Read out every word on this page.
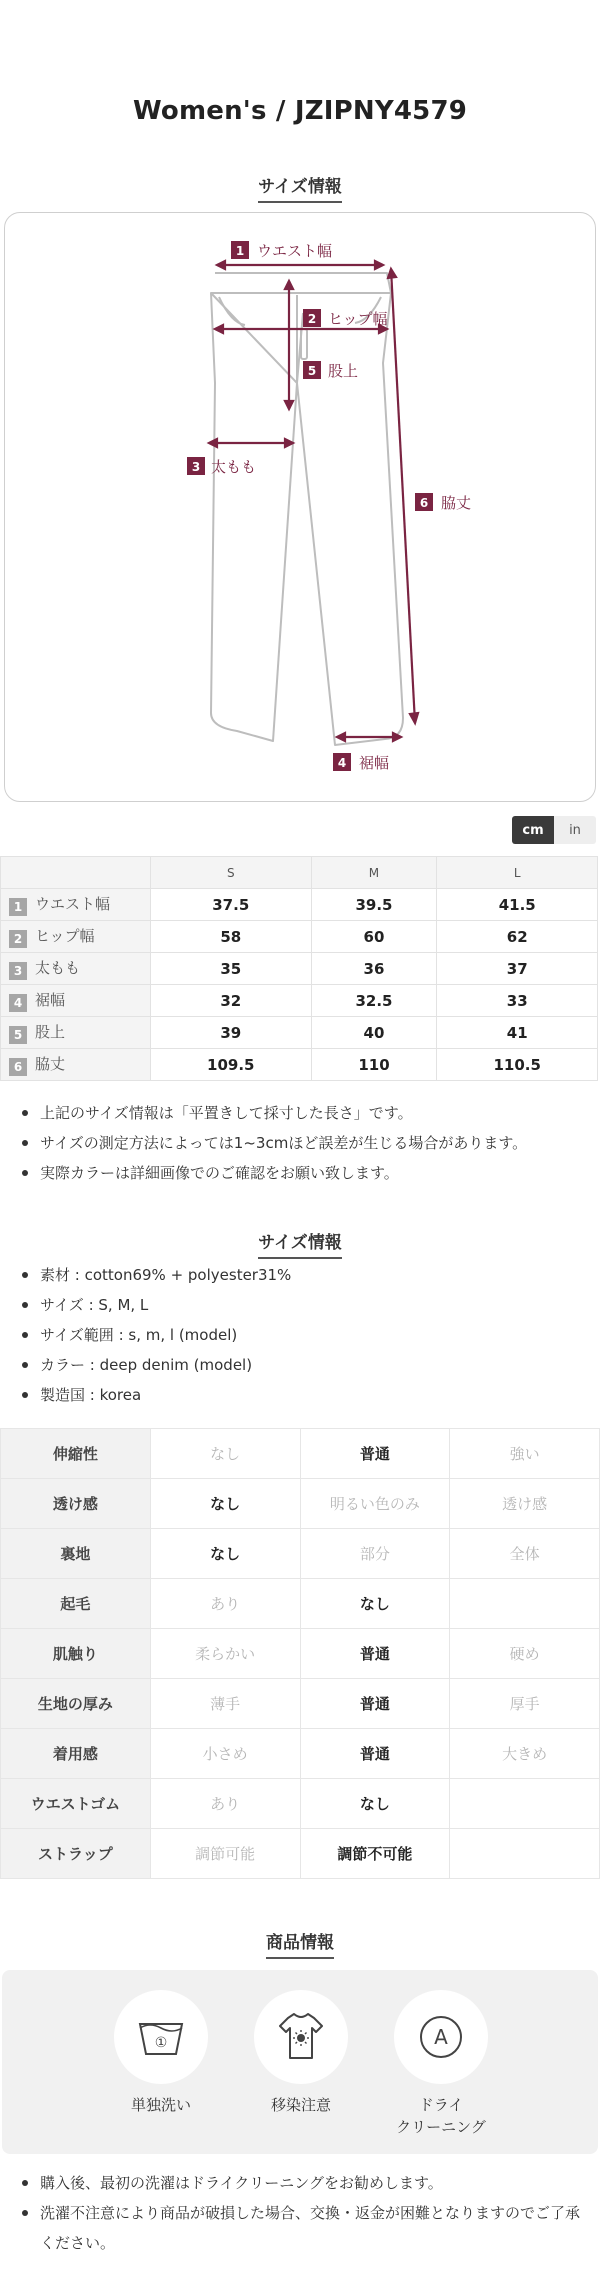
Women's / JZIPNY4579
サイズ情報
1 ウエスト幅
2 ヒップ幅
5 股上
3 太もも
6 脇丈
4 裾幅
cm	in
	S	M	L
1 ウエスト幅	37.5	39.5	41.5
2 ヒップ幅	58	60	62
3 太もも	35	36	37
4 裾幅	32	32.5	33
5 股上	39	40	41
6 脇丈	109.5	110	110.5
上記のサイズ情報は「平置きして採寸した長さ」です。
サイズの測定方法によっては1~3cmほど誤差が生じる場合があります。
実際カラーは詳細画像でのご確認をお願い致します。
サイズ情報
素材 : cotton69% + polyester31%
サイズ : S, M, L
サイズ範囲 : s, m, l (model)
カラー : deep denim (model)
製造国 : korea
伸縮性	なし	普通	強い
透け感	なし	明るい色のみ	透け感
裏地	なし	部分	全体
起毛	あり	なし	
肌触り	柔らかい	普通	硬め
生地の厚み	薄手	普通	厚手
着用感	小さめ	普通	大きめ
ウエストゴム	あり	なし	
ストラップ	調節可能	調節不可能	
商品情報
①
単独洗い	移染注意
A
ドライ
クリーニング
購入後、最初の洗濯はドライクリーニングをお勧めします。
洗濯不注意により商品が破損した場合、交換・返金が困難となりますのでご了承ください。
